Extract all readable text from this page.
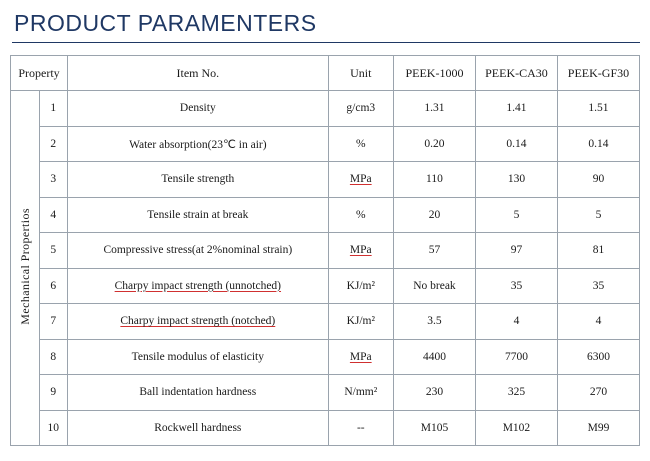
PRODUCT PARAMENTERS
Property		Item No.	Unit	PEEK-1000	PEEK-CA30	PEEK-GF30
Mechanical Propertios	1	Density	g/cm3	1.31	1.41	1.51
	2	Water absorption(23℃ in air)	%	0.20	0.14	0.14
	3	Tensile strength	MPa	110	130	90
	4	Tensile strain at break	%	20	5	5
	5	Compressive stress(at 2%nominal strain)	MPa	57	97	81
	6	Charpy impact strength (unnotched)	KJ/m²	No break	35	35
	7	Charpy impact strength (notched)	KJ/m²	3.5	4	4
	8	Tensile modulus of elasticity	MPa	4400	7700	6300
	9	Ball indentation hardness	N/mm²	230	325	270
	10	Rockwell hardness	--	M105	M102	M99
